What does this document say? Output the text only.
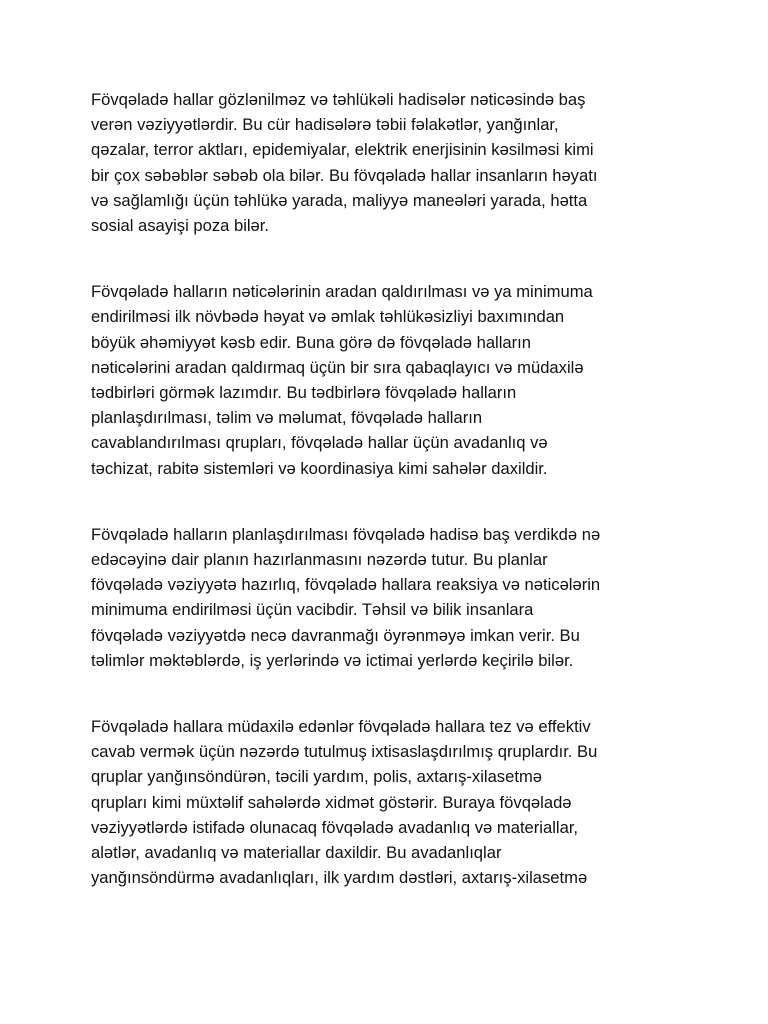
Fövqəladə hallar gözlənilməz və təhlükəli hadisələr nəticəsində baş
verən vəziyyətlərdir. Bu cür hadisələrə təbii fəlakətlər, yanğınlar,
qəzalar, terror aktları, epidemiyalar, elektrik enerjisinin kəsilməsi kimi
bir çox səbəblər səbəb ola bilər. Bu fövqəladə hallar insanların həyatı
və sağlamlığı üçün təhlükə yarada, maliyyə maneələri yarada, hətta
sosial asayişi poza bilər.

Fövqəladə halların nəticələrinin aradan qaldırılması və ya minimuma
endirilməsi ilk növbədə həyat və əmlak təhlükəsizliyi baxımından
böyük əhəmiyyət kəsb edir. Buna görə də fövqəladə halların
nəticələrini aradan qaldırmaq üçün bir sıra qabaqlayıcı və müdaxilə
tədbirləri görmək lazımdır. Bu tədbirlərə fövqəladə halların
planlaşdırılması, təlim və məlumat, fövqəladə halların
cavablandırılması qrupları, fövqəladə hallar üçün avadanlıq və
təchizat, rabitə sistemləri və koordinasiya kimi sahələr daxildir.

Fövqəladə halların planlaşdırılması fövqəladə hadisə baş verdikdə nə
edəcəyinə dair planın hazırlanmasını nəzərdə tutur. Bu planlar
fövqəladə vəziyyətə hazırlıq, fövqəladə hallara reaksiya və nəticələrin
minimuma endirilməsi üçün vacibdir. Təhsil və bilik insanlara
fövqəladə vəziyyətdə necə davranmağı öyrənməyə imkan verir. Bu
təlimlər məktəblərdə, iş yerlərində və ictimai yerlərdə keçirilə bilər.

Fövqəladə hallara müdaxilə edənlər fövqəladə hallara tez və effektiv
cavab vermək üçün nəzərdə tutulmuş ixtisaslaşdırılmış qruplardır. Bu
qruplar yanğınsöndürən, təcili yardım, polis, axtarış-xilasetmə
qrupları kimi müxtəlif sahələrdə xidmət göstərir. Buraya fövqəladə
vəziyyətlərdə istifadə olunacaq fövqəladə avadanlıq və materiallar,
alətlər, avadanlıq və materiallar daxildir. Bu avadanlıqlar
yanğınsöndürmə avadanlıqları, ilk yardım dəstləri, axtarış-xilasetmə
